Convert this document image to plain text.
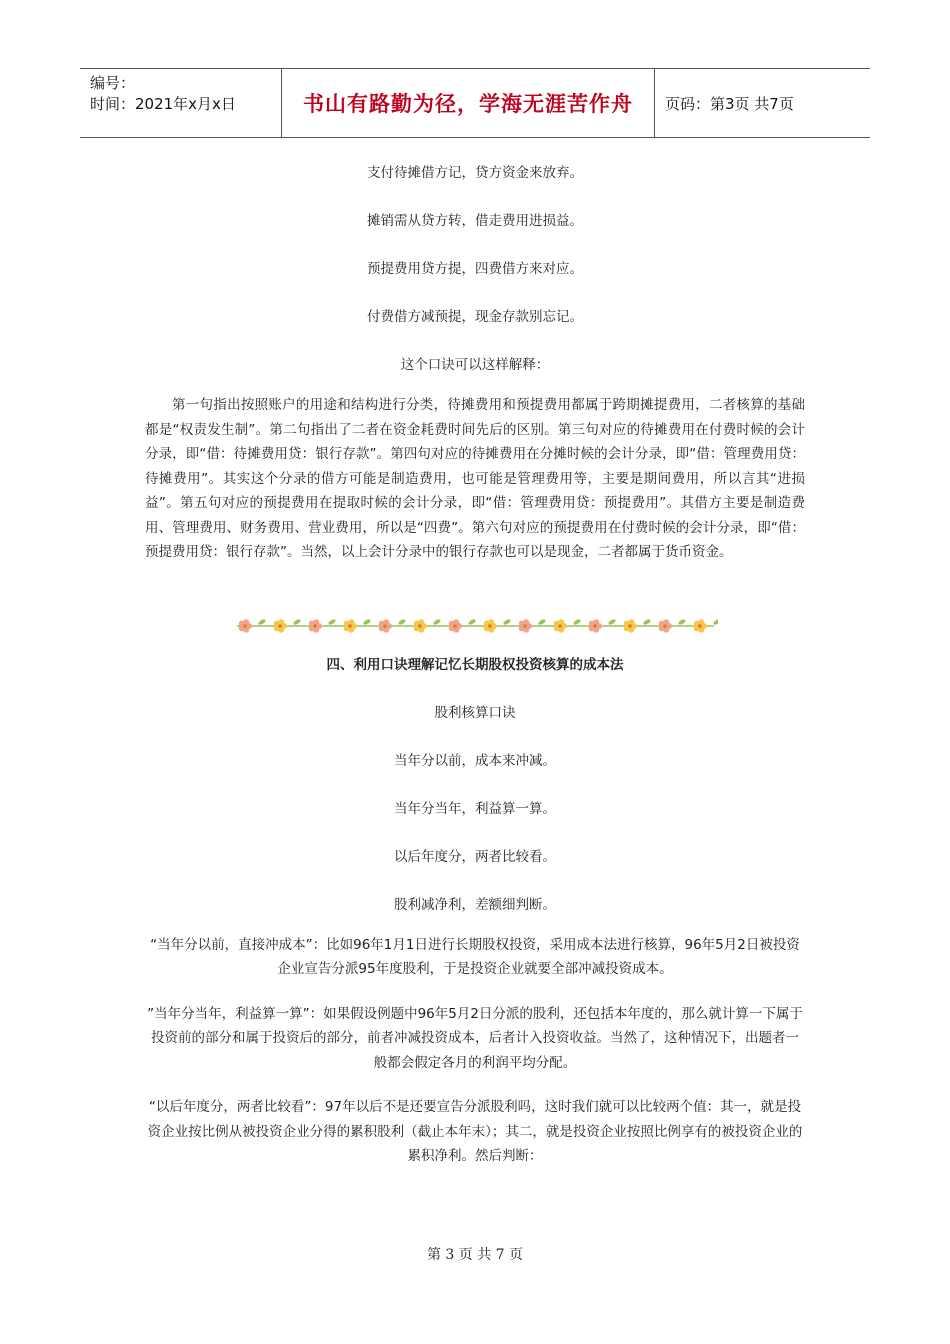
编号：
时间：2021年x月x日	书山有路勤为径，学海无涯苦作舟	页码：第3页 共7页

支付待摊借方记，贷方资金来放弃。

摊销需从贷方转，借走费用进损益。

预提费用贷方提，四费借方来对应。

付费借方减预提，现金存款别忘记。

这个口诀可以这样解释：

第一句指出按照账户的用途和结构进行分类，待摊费用和预提费用都属于跨期摊提费用，二者核算的基础都是“权责发生制”。第二句指出了二者在资金耗费时间先后的区别。第三句对应的待摊费用在付费时候的会计分录，即“借：待摊费用贷：银行存款”。第四句对应的待摊费用在分摊时候的会计分录，即“借：管理费用贷：待摊费用”。其实这个分录的借方可能是制造费用，也可能是管理费用等，主要是期间费用，所以言其“进损益”。第五句对应的预提费用在提取时候的会计分录，即“借：管理费用贷：预提费用”。其借方主要是制造费用、管理费用、财务费用、营业费用，所以是“四费”。第六句对应的预提费用在付费时候的会计分录，即“借：预提费用贷：银行存款”。当然，以上会计分录中的银行存款也可以是现金，二者都属于货币资金。

四、利用口诀理解记忆长期股权投资核算的成本法

股利核算口诀

当年分以前，成本来冲减。

当年分当年，利益算一算。

以后年度分，两者比较看。

股利减净利，差额细判断。

“当年分以前，直接冲成本”：比如96年1月1日进行长期股权投资，采用成本法进行核算，96年5月2日被投资企业宣告分派95年度股利，于是投资企业就要全部冲减投资成本。

”当年分当年，利益算一算”：如果假设例题中96年5月2日分派的股利，还包括本年度的，那么就计算一下属于投资前的部分和属于投资后的部分，前者冲减投资成本，后者计入投资收益。当然了，这种情况下，出题者一般都会假定各月的利润平均分配。

“以后年度分，两者比较看”：97年以后不是还要宣告分派股利吗，这时我们就可以比较两个值：其一，就是投资企业按比例从被投资企业分得的累积股利（截止本年末）；其二，就是投资企业按照比例享有的被投资企业的累积净利。然后判断：

第 3 页 共 7 页
